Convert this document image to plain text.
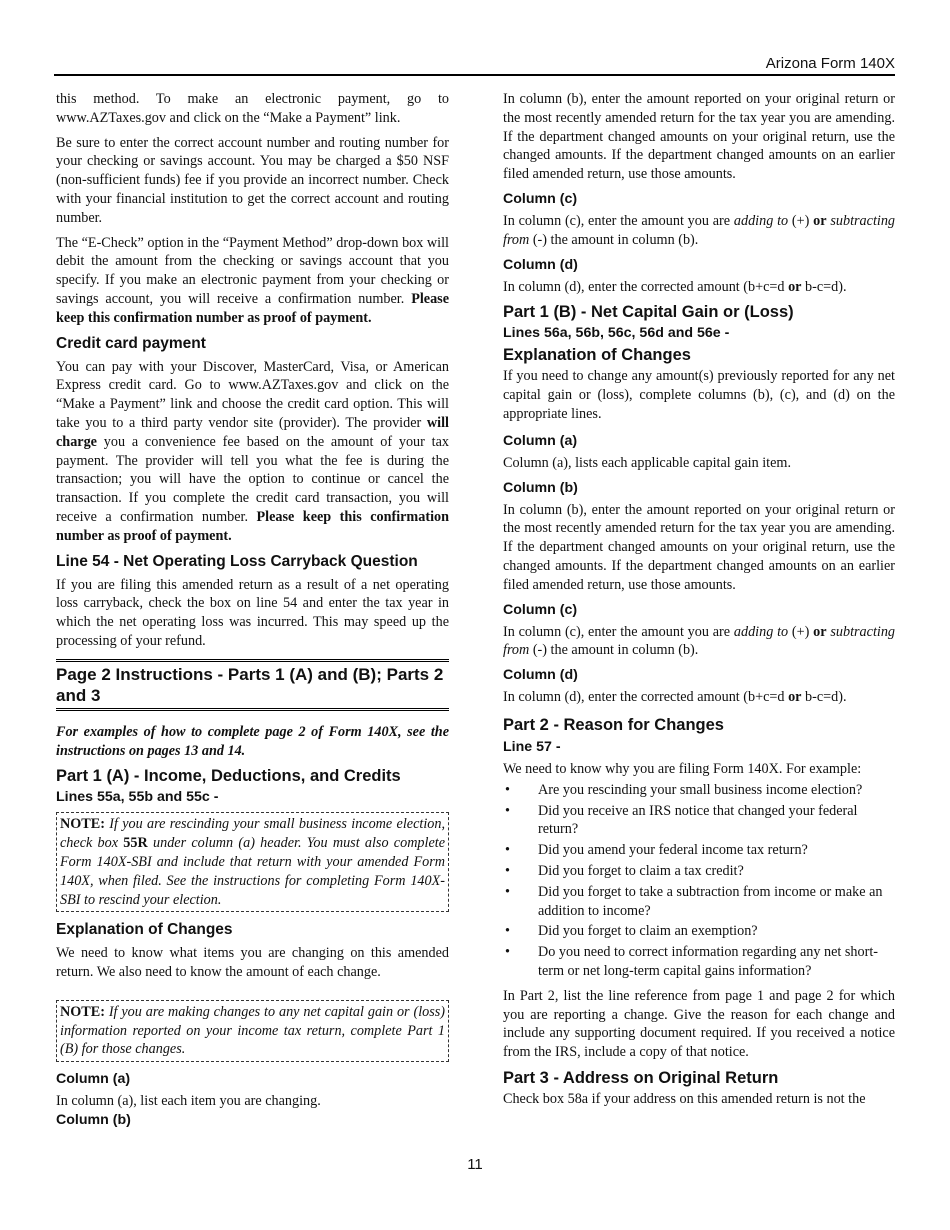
Arizona Form 140X

this method. To make an electronic payment, go to www.AZTaxes.gov and click on the “Make a Payment” link.

Be sure to enter the correct account number and routing number for your checking or savings account. You may be charged a $50 NSF (non-sufficient funds) fee if you provide an incorrect number. Check with your financial institution to get the correct account and routing number.

The “E-Check” option in the “Payment Method” drop-down box will debit the amount from the checking or savings account that you specify. If you make an electronic payment from your checking or savings account, you will receive a confirmation number. Please keep this confirmation number as proof of payment.

Credit card payment

You can pay with your Discover, MasterCard, Visa, or American Express credit card. Go to www.AZTaxes.gov and click on the “Make a Payment” link and choose the credit card option. This will take you to a third party vendor site (provider). The provider will charge you a convenience fee based on the amount of your tax payment. The provider will tell you what the fee is during the transaction; you will have the option to continue or cancel the transaction. If you complete the credit card transaction, you will receive a confirmation number. Please keep this confirmation number as proof of payment.

Line 54 - Net Operating Loss Carryback Question

If you are filing this amended return as a result of a net operating loss carryback, check the box on line 54 and enter the tax year in which the net operating loss was incurred. This may speed up the processing of your refund.

Page 2 Instructions - Parts 1 (A) and (B); Parts 2 and 3

For examples of how to complete page 2 of Form 140X, see the instructions on pages 13 and 14.

Part 1 (A) - Income, Deductions, and Credits
Lines 55a, 55b and 55c -

NOTE: If you are rescinding your small business income election, check box 55R under column (a) header. You must also complete Form 140X-SBI and include that return with your amended Form 140X, when filed. See the instructions for completing Form 140X-SBI to rescind your election.

Explanation of Changes

We need to know what items you are changing on this amended return. We also need to know the amount of each change.

NOTE: If you are making changes to any net capital gain or (loss) information reported on your income tax return, complete Part 1 (B) for those changes.

Column (a)

In column (a), list each item you are changing.

Column (b)

In column (b), enter the amount reported on your original return or the most recently amended return for the tax year you are amending. If the department changed amounts on your original return, use the changed amounts. If the department changed amounts on an earlier filed amended return, use those amounts.

Column (c)

In column (c), enter the amount you are adding to (+) or subtracting from (-) the amount in column (b).

Column (d)

In column (d), enter the corrected amount (b+c=d or b-c=d).

Part 1 (B) - Net Capital Gain or (Loss)
Lines 56a, 56b, 56c, 56d and 56e -
Explanation of Changes

If you need to change any amount(s) previously reported for any net capital gain or (loss), complete columns (b), (c), and (d) on the appropriate lines.

Column (a)

Column (a), lists each applicable capital gain item.

Column (b)

In column (b), enter the amount reported on your original return or the most recently amended return for the tax year you are amending. If the department changed amounts on your original return, use the changed amounts. If the department changed amounts on an earlier filed amended return, use those amounts.

Column (c)

In column (c), enter the amount you are adding to (+) or subtracting from (-) the amount in column (b).

Column (d)

In column (d), enter the corrected amount (b+c=d or b-c=d).

Part 2 - Reason for Changes
Line 57 -

We need to know why you are filing Form 140X. For example:

• Are you rescinding your small business income election?
• Did you receive an IRS notice that changed your federal return?
• Did you amend your federal income tax return?
• Did you forget to claim a tax credit?
• Did you forget to take a subtraction from income or make an addition to income?
• Did you forget to claim an exemption?
• Do you need to correct information regarding any net short-term or net long-term capital gains information?

In Part 2, list the line reference from page 1 and page 2 for which you are reporting a change. Give the reason for each change and include any supporting document required. If you received a notice from the IRS, include a copy of that notice.

Part 3 - Address on Original Return

Check box 58a if your address on this amended return is not the

11
